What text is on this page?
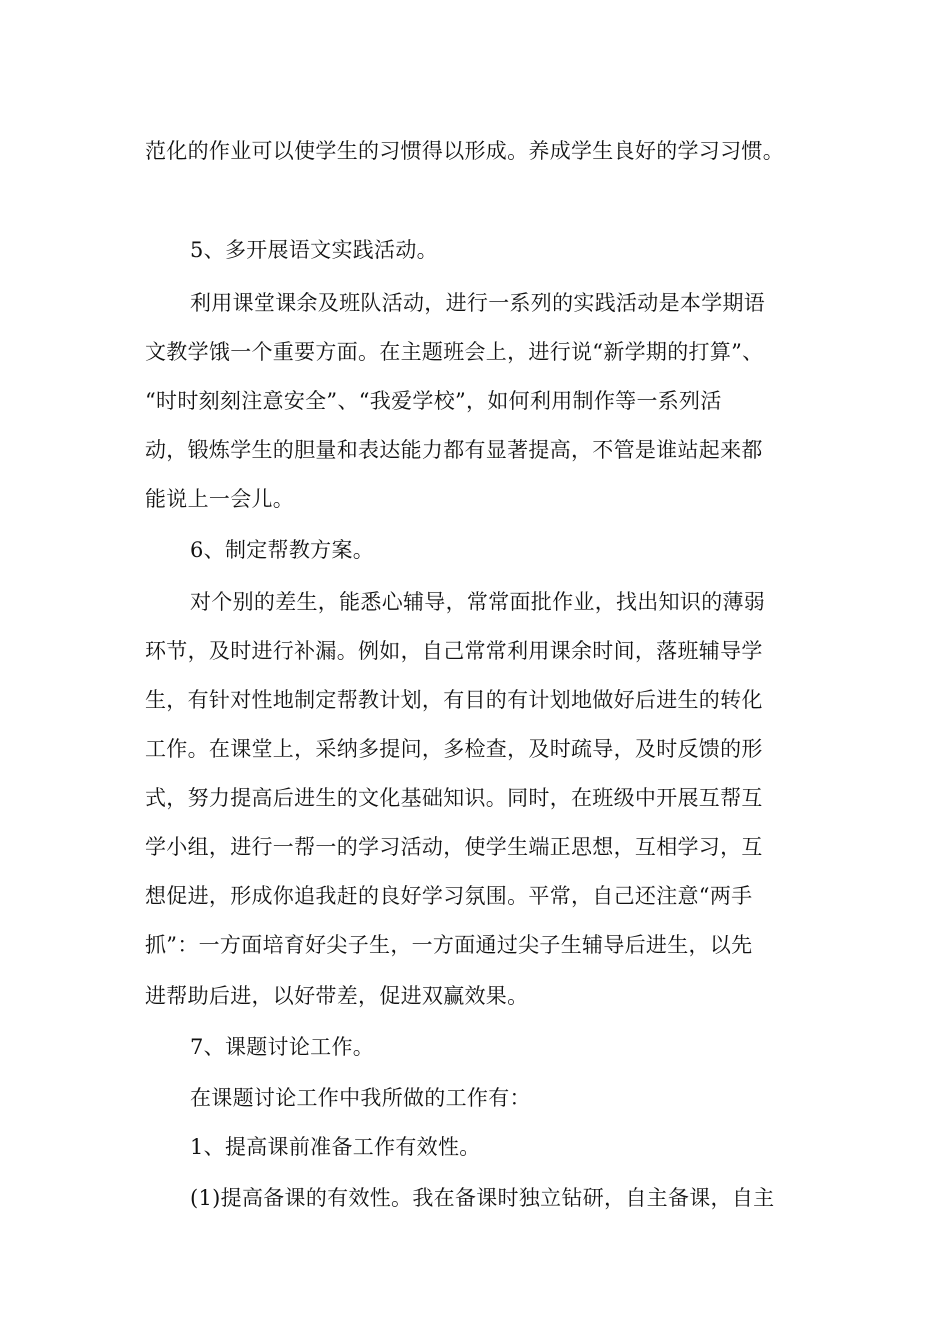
范化的作业可以使学生的习惯得以形成。养成学生良好的学习习惯。

5、多开展语文实践活动。

利用课堂课余及班队活动，进行一系列的实践活动是本学期语

文教学饿一个重要方面。在主题班会上，进行说“新学期的打算”、

“时时刻刻注意安全”、“我爱学校”，如何利用制作等一系列活

动，锻炼学生的胆量和表达能力都有显著提高，不管是谁站起来都

能说上一会儿。

6、制定帮教方案。

对个别的差生，能悉心辅导，常常面批作业，找出知识的薄弱

环节，及时进行补漏。例如，自己常常利用课余时间，落班辅导学

生，有针对性地制定帮教计划，有目的有计划地做好后进生的转化

工作。在课堂上，采纳多提问，多检查，及时疏导，及时反馈的形

式，努力提高后进生的文化基础知识。同时，在班级中开展互帮互

学小组，进行一帮一的学习活动，使学生端正思想，互相学习，互

想促进，形成你追我赶的良好学习氛围。平常，自己还注意“两手

抓”：一方面培育好尖子生，一方面通过尖子生辅导后进生，以先

进帮助后进，以好带差，促进双赢效果。

7、课题讨论工作。

在课题讨论工作中我所做的工作有：

1、提高课前准备工作有效性。

(1)提高备课的有效性。我在备课时独立钻研，自主备课，自主
